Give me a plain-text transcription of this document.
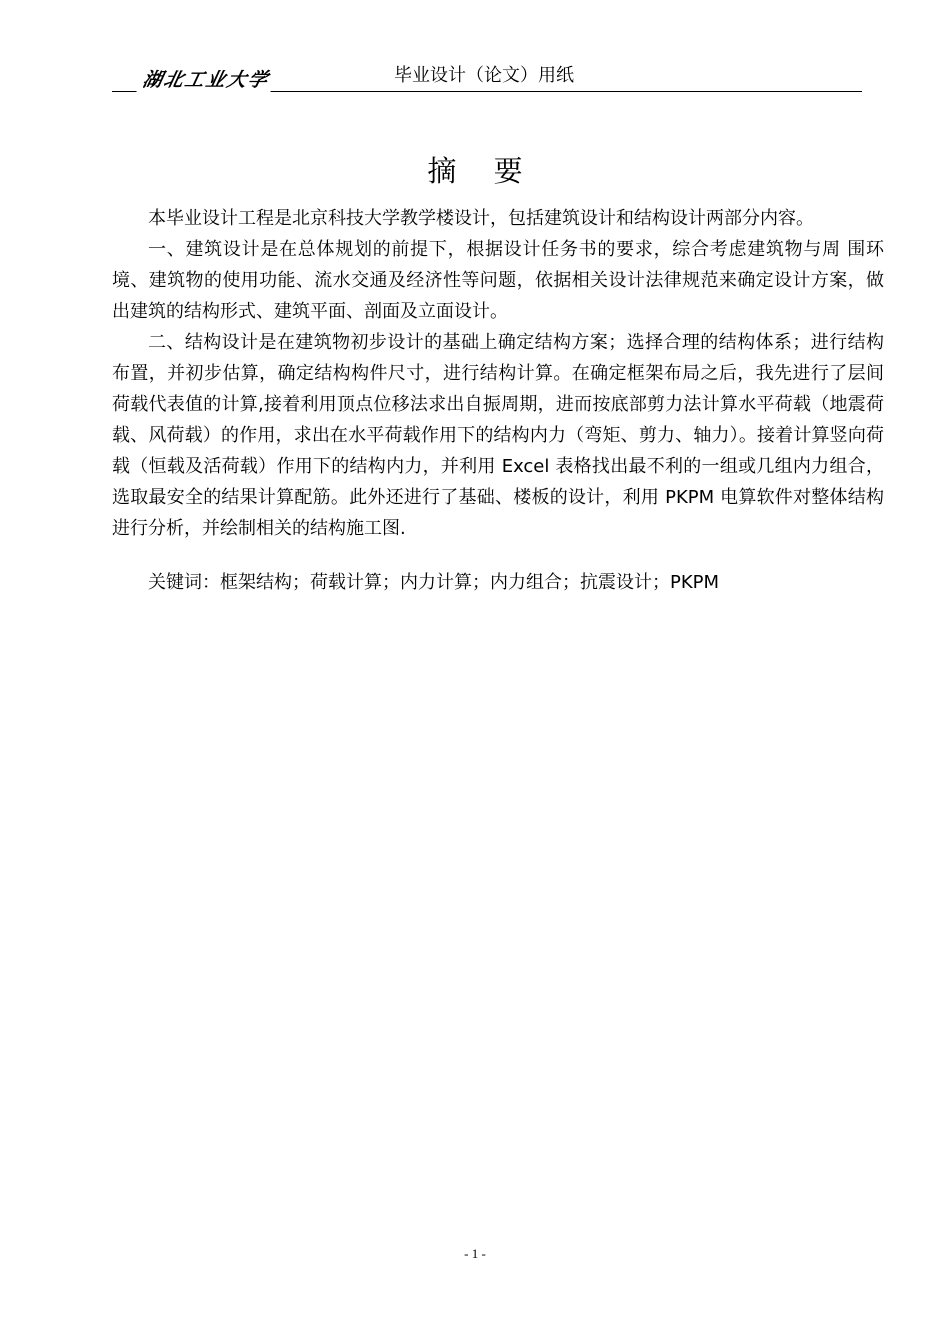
湖北工业大学	毕业设计（论文）用纸
摘 要

本毕业设计工程是北京科技大学教学楼设计，包括建筑设计和结构设计两部分内容。

一、建筑设计是在总体规划的前提下，根据设计任务书的要求，综合考虑建筑物与周 围环境、建筑物的使用功能、流水交通及经济性等问题，依据相关设计法律规范来确定设计方案，做出建筑的结构形式、建筑平面、剖面及立面设计。

二、结构设计是在建筑物初步设计的基础上确定结构方案；选择合理的结构体系；进行结构布置，并初步估算，确定结构构件尺寸，进行结构计算。在确定框架布局之后，我先进行了层间荷载代表值的计算,接着利用顶点位移法求出自振周期，进而按底部剪力法计算水平荷载（地震荷载、风荷载）的作用，求出在水平荷载作用下的结构内力（弯矩、剪力、轴力）。接着计算竖向荷载（恒载及活荷载）作用下的结构内力，并利用 Excel 表格找出最不利的一组或几组内力组合，选取最安全的结果计算配筋。此外还进行了基础、楼板的设计，利用 PKPM 电算软件对整体结构进行分析，并绘制相关的结构施工图.

关键词：框架结构；荷载计算；内力计算；内力组合；抗震设计；PKPM
- 1 -
